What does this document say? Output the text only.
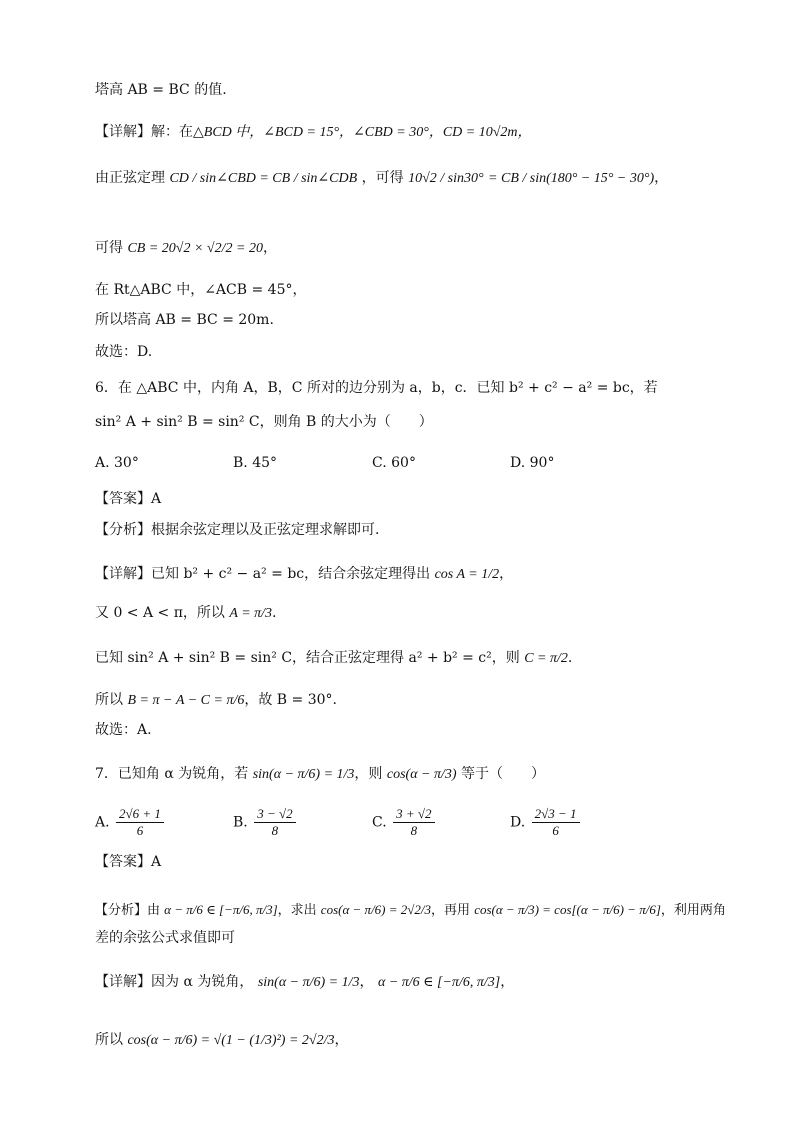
塔高 AB = BC 的值.
【详解】解：在△BCD 中，∠BCD = 15°，∠CBD = 30°，CD = 10√2m，
由正弦定理 CD / sin∠CBD = CB / sin∠CDB ，可得 10√2 / sin30° = CB / sin(180° − 15° − 30°)，
可得 CB = 20√2 × √2/2 = 20，
在 Rt△ABC 中，∠ACB = 45°，
所以塔高 AB = BC = 20m.
故选：D.
6．在 △ABC 中，内角 A，B，C 所对的边分别为 a，b，c．已知 b² + c² − a² = bc，若
sin² A + sin² B = sin² C，则角 B 的大小为（　　）
A. 30°	B. 45°	C. 60°	D. 90°
【答案】A
【分析】根据余弦定理以及正弦定理求解即可.
【详解】已知 b² + c² − a² = bc，结合余弦定理得出 cos A = 1/2，
又 0 < A < π，所以 A = π/3.
已知 sin² A + sin² B = sin² C，结合正弦定理得 a² + b² = c²，则 C = π/2.
所以 B = π − A − C = π/6，故 B = 30°.
故选：A.
7．已知角 α 为锐角，若 sin(α − π/6) = 1/3，则 cos(α − π/3) 等于（　　）
A. $\frac{2√6 + 1}{6}$	B. $\frac{3 - √2}{8}$	C. $\frac{3 + √2}{8}$	D. $\frac{2√3 - 1}{6}$
【答案】A
【分析】由 α − π/6 ∈ [−π/6, π/3]，求出 cos(α − π/6) = 2√2/3，再用 cos(α − π/3) = cos[(α − π/6) − π/6]，利用两角
差的余弦公式求值即可
【详解】因为 α 为锐角， sin(α − π/6) = 1/3， α − π/6 ∈ [−π/6, π/3]，
所以 cos(α − π/6) = √(1 − (1/3)²) = 2√2/3，
